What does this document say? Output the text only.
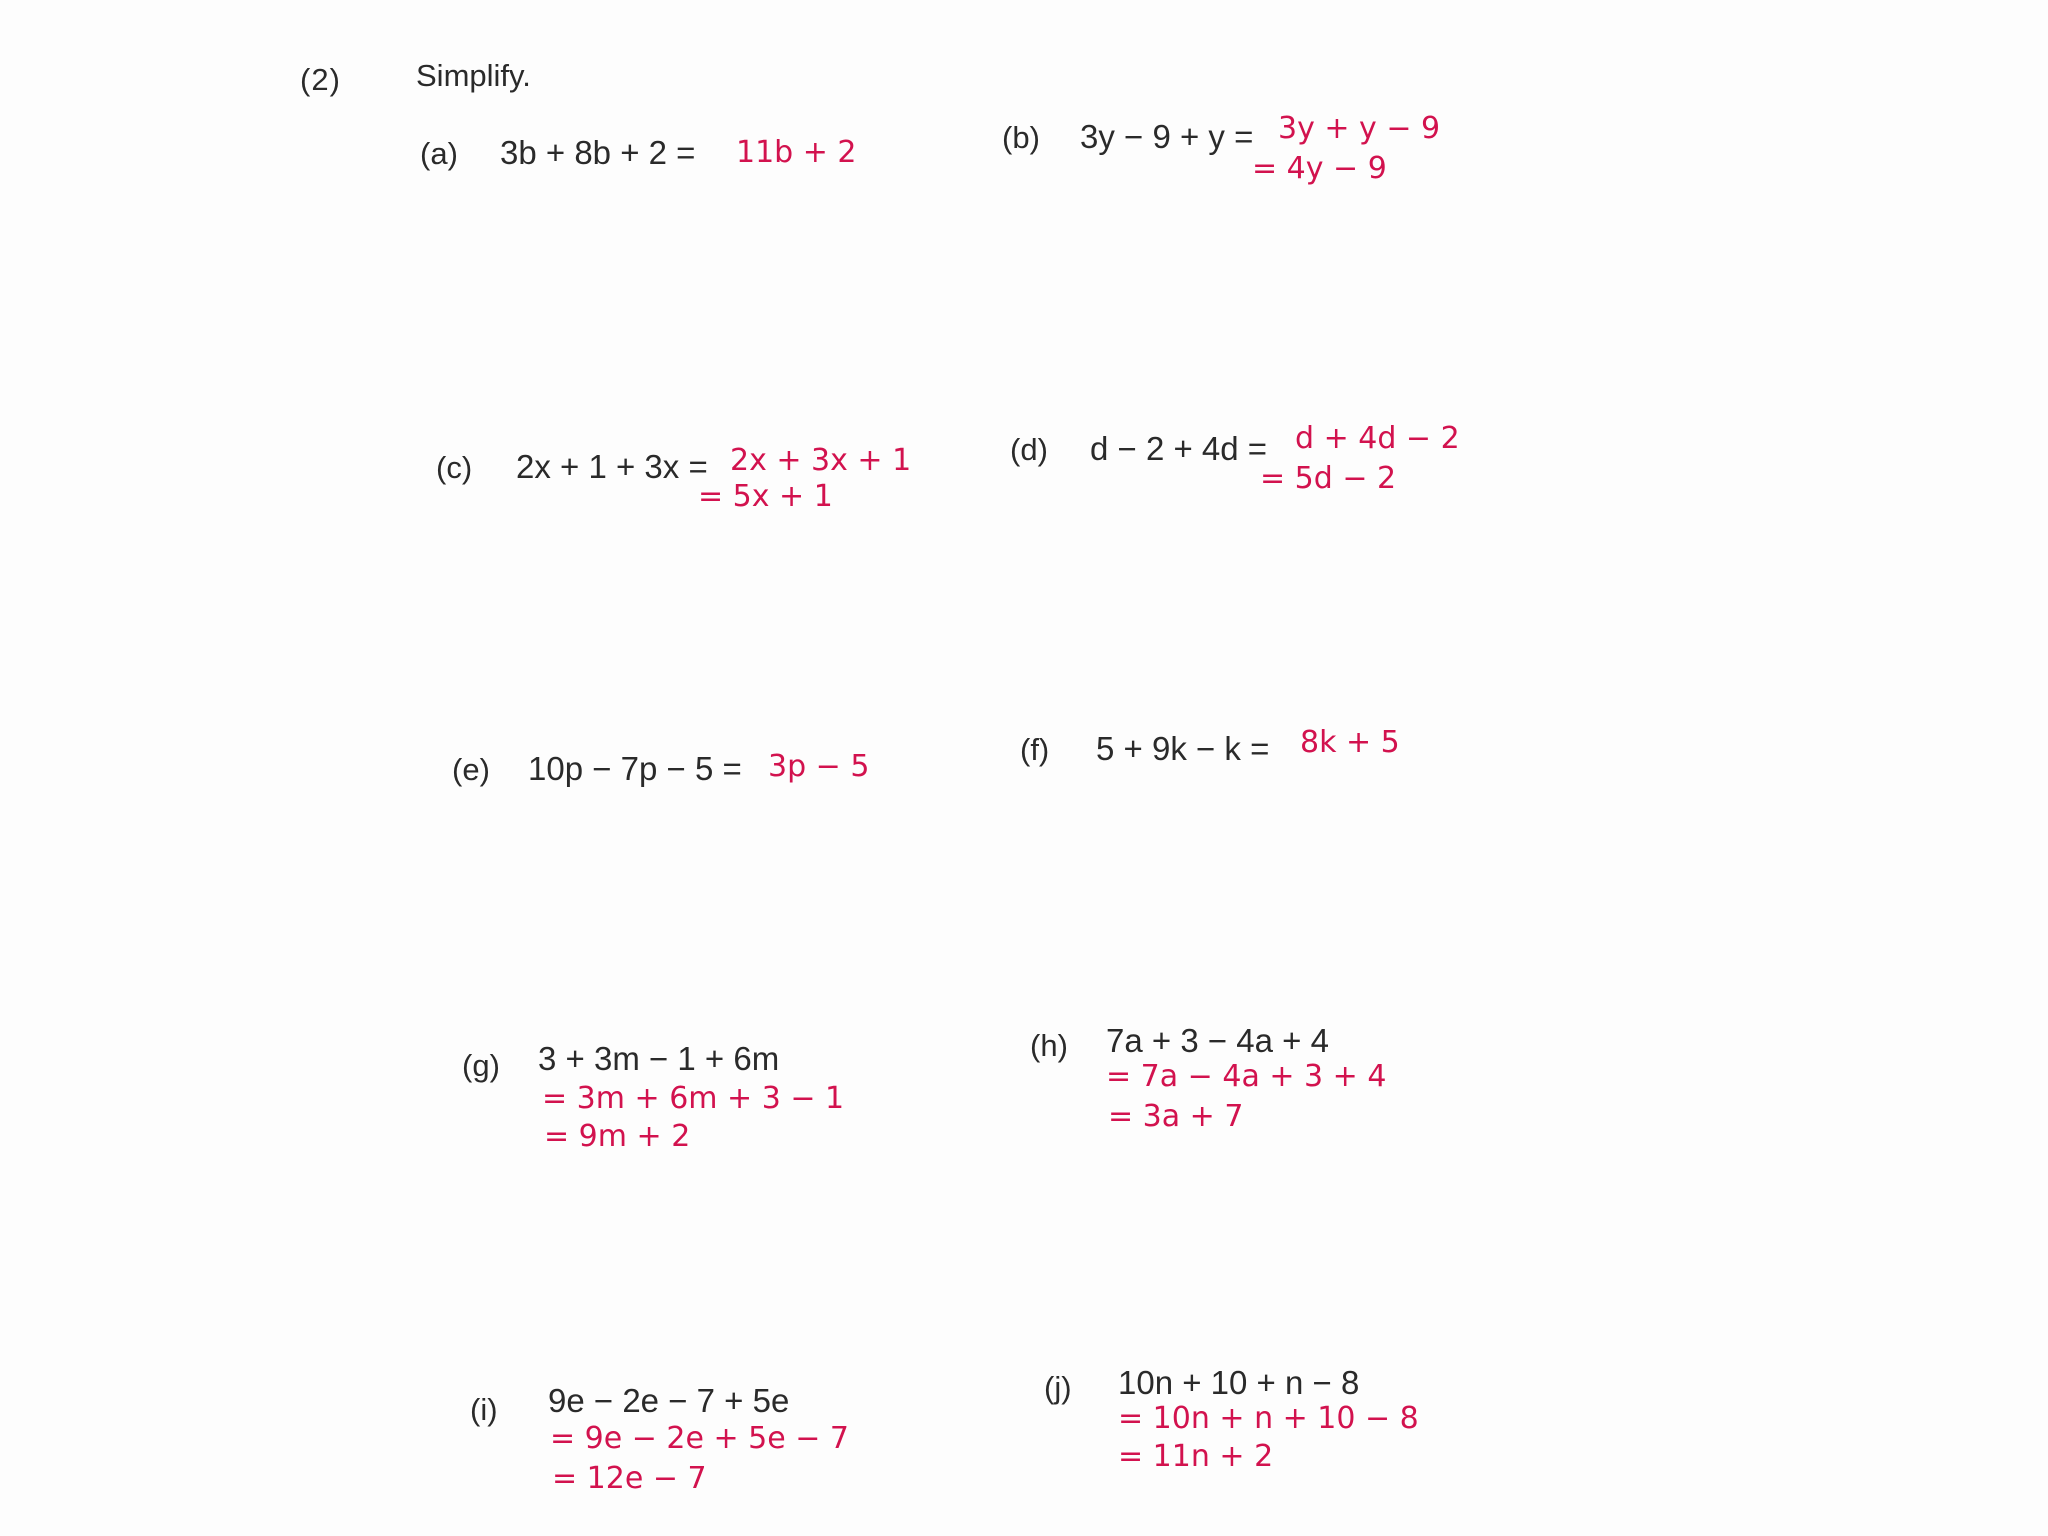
(2) Simplify.
(a) 3b + 8b + 2 = 11b + 2	(b) 3y − 9 + y = 3y + y − 9
= 4y − 9
(c) 2x + 1 + 3x = 2x + 3x + 1
= 5x + 1
(d) d − 2 + 4d = d + 4d − 2
= 5d − 2
(e) 10p − 7p − 5 = 3p − 5	(f) 5 + 9k − k = 8k + 5
(g) 3 + 3m − 1 + 6m
= 3m + 6m + 3 − 1
= 9m + 2
(h) 7a + 3 − 4a + 4
= 7a − 4a + 3 + 4
= 3a + 7
(i) 9e − 2e − 7 + 5e
= 9e − 2e + 5e − 7
= 12e − 7
(j) 10n + 10 + n − 8
= 10n + n + 10 − 8
= 11n + 2
